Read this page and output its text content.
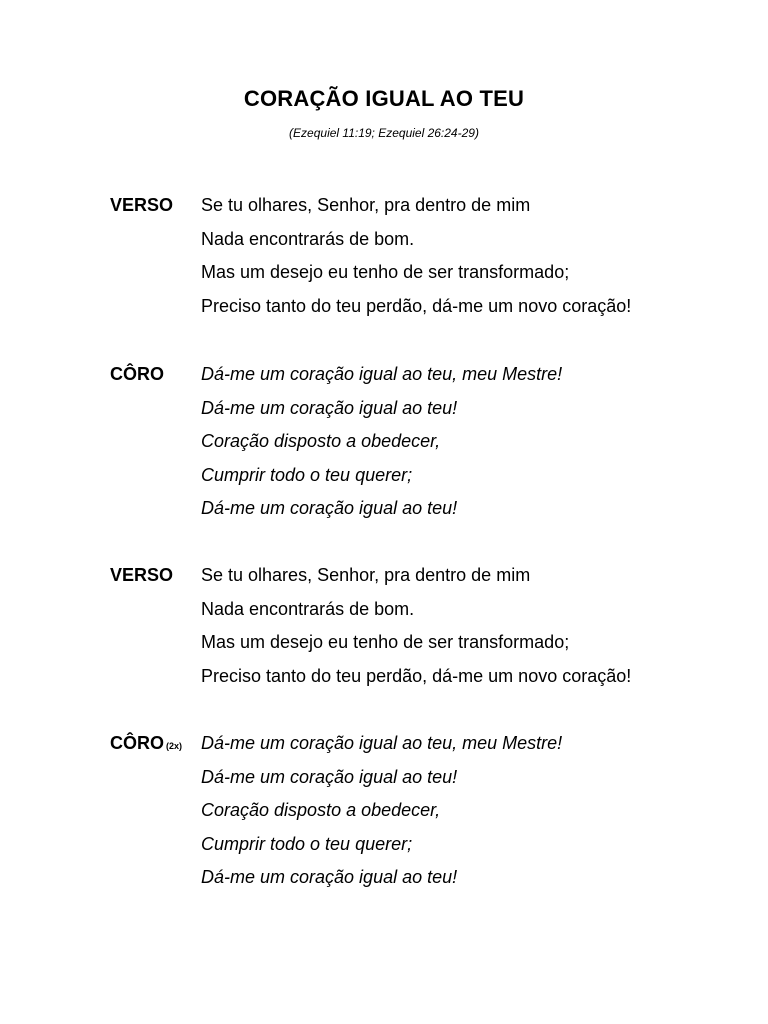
CORAÇÃO IGUAL AO TEU
(Ezequiel 11:19; Ezequiel 26:24-29)
VERSO Se tu olhares, Senhor, pra dentro de mim
Nada encontrarás de bom.
Mas um desejo eu tenho de ser transformado;
Preciso tanto do teu perdão, dá-me um novo coração!
CÔRO Dá-me um coração igual ao teu, meu Mestre!
Dá-me um coração igual ao teu!
Coração disposto a obedecer,
Cumprir todo o teu querer;
Dá-me um coração igual ao teu!
VERSO Se tu olhares, Senhor, pra dentro de mim
Nada encontrarás de bom.
Mas um desejo eu tenho de ser transformado;
Preciso tanto do teu perdão, dá-me um novo coração!
CÔRO (2x) Dá-me um coração igual ao teu, meu Mestre!
Dá-me um coração igual ao teu!
Coração disposto a obedecer,
Cumprir todo o teu querer;
Dá-me um coração igual ao teu!
